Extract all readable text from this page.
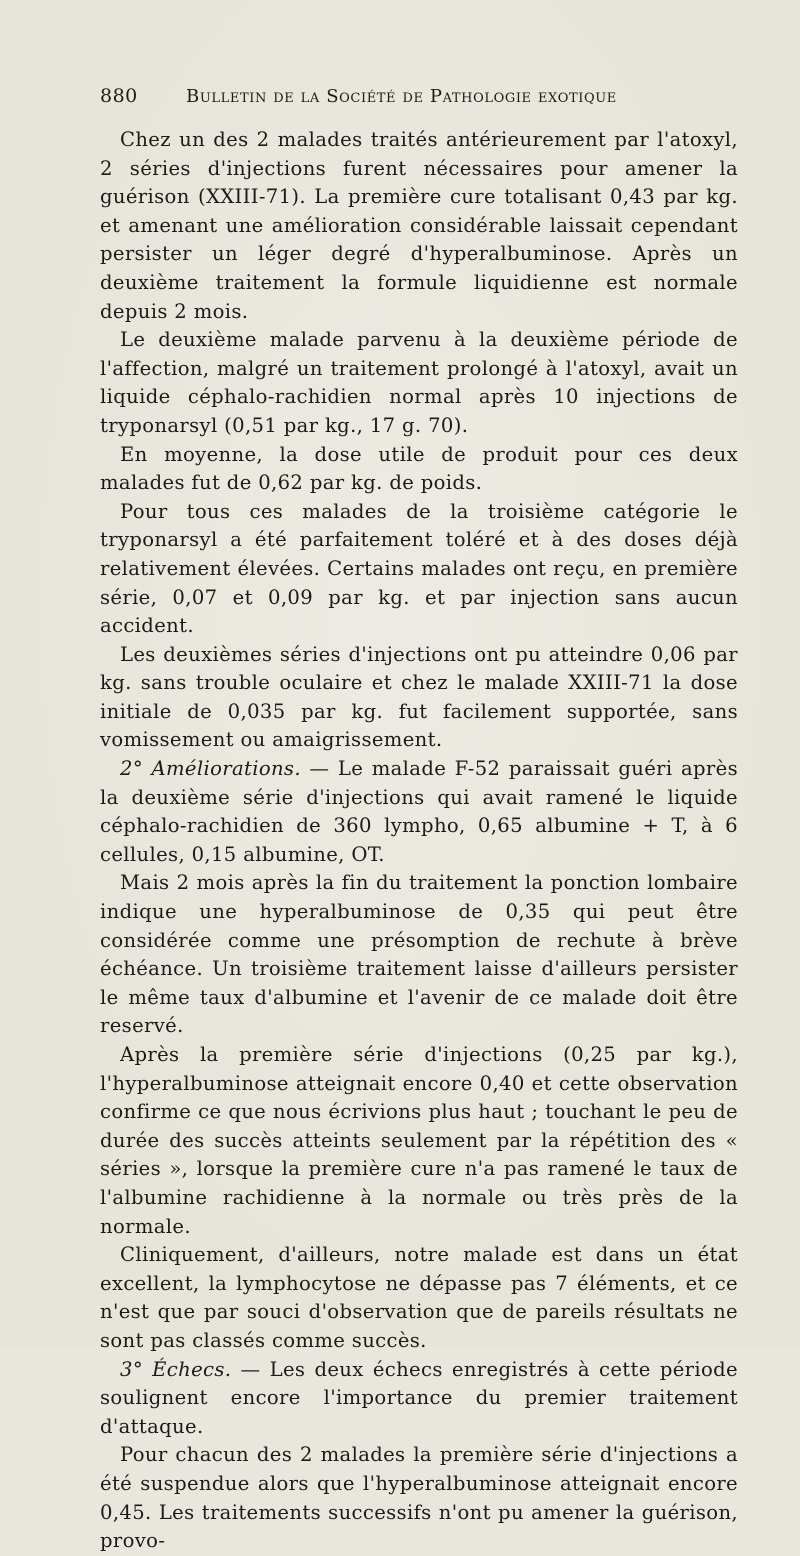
880	Bulletin de la Société de Pathologie exotique

Chez un des 2 malades traités antérieurement par l'atoxyl, 2 séries d'injections furent nécessaires pour amener la guérison (XXIII-71). La première cure totalisant 0,43 par kg. et amenant une amélioration considérable laissait cependant persister un léger degré d'hyperalbuminose. Après un deuxième traitement la formule liquidienne est normale depuis 2 mois.

Le deuxième malade parvenu à la deuxième période de l'affection, malgré un traitement prolongé à l'atoxyl, avait un liquide céphalo-rachidien normal après 10 injections de tryponarsyl (0,51 par kg., 17 g. 70).

En moyenne, la dose utile de produit pour ces deux malades fut de 0,62 par kg. de poids.

Pour tous ces malades de la troisième catégorie le tryponarsyl a été parfaitement toléré et à des doses déjà relativement élevées. Certains malades ont reçu, en première série, 0,07 et 0,09 par kg. et par injection sans aucun accident.

Les deuxièmes séries d'injections ont pu atteindre 0,06 par kg. sans trouble oculaire et chez le malade XXIII-71 la dose initiale de 0,035 par kg. fut facilement supportée, sans vomissement ou amaigrissement.

2° Améliorations. — Le malade F-52 paraissait guéri après la deuxième série d'injections qui avait ramené le liquide céphalo-rachidien de 360 lympho, 0,65 albumine + T, à 6 cellules, 0,15 albumine, OT.

Mais 2 mois après la fin du traitement la ponction lombaire indique une hyperalbuminose de 0,35 qui peut être considérée comme une présomption de rechute à brève échéance. Un troisième traitement laisse d'ailleurs persister le même taux d'albumine et l'avenir de ce malade doit être reservé.

Après la première série d'injections (0,25 par kg.), l'hyperalbuminose atteignait encore 0,40 et cette observation confirme ce que nous écrivions plus haut ; touchant le peu de durée des succès atteints seulement par la répétition des « séries », lorsque la première cure n'a pas ramené le taux de l'albumine rachidienne à la normale ou très près de la normale.

Cliniquement, d'ailleurs, notre malade est dans un état excellent, la lymphocytose ne dépasse pas 7 éléments, et ce n'est que par souci d'observation que de pareils résultats ne sont pas classés comme succès.

3° Échecs. — Les deux échecs enregistrés à cette période soulignent encore l'importance du premier traitement d'attaque.

Pour chacun des 2 malades la première série d'injections a été suspendue alors que l'hyperalbuminose atteignait encore 0,45. Les traitements successifs n'ont pu amener la guérison, provo-
